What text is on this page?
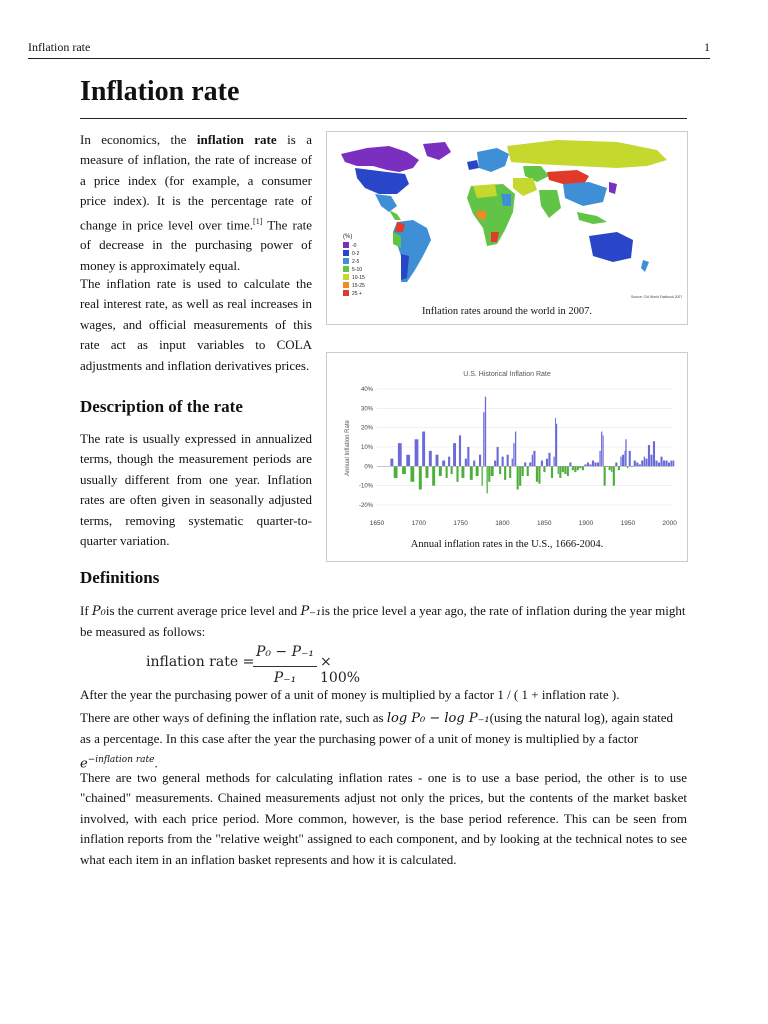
Inflation rate	1
Inflation rate

In economics, the inflation rate is a measure of inflation, the rate of increase of a price index (for example, a consumer price index). It is the percentage rate of change in price level over time.[1] The rate of decrease in the purchasing power of money is approximately equal.

The inflation rate is used to calculate the real interest rate, as well as real increases in wages, and official measurements of this rate act as input variables to COLA adjustments and inflation derivatives prices.

(%)
-0
0-2
2-5
5-10
10-15
15-25
25 +	Source: CIA World Factbook 2007
Inflation rates around the world in 2007.
U.S. Historical Inflation Rate
Annual Inflation Rate
40%
30%
20%
10%
0%
-10%
-20%
1650	1700	1750	1800	1850	1900	1950	2000
Annual inflation rates in the U.S., 1666-2004.
Description of the rate

The rate is usually expressed in annualized terms, though the measurement periods are usually different from one year. Inflation rates are often given in seasonally adjusted terms, removing systematic quarter-to-quarter variation.

Definitions

If P₀is the current average price level and P₋₁is the price level a year ago, the rate of inflation during the year might be measured as follows:

inflation rate =
P₀ − P₋₁
P₋₁
× 100%

After the year the purchasing power of a unit of money is multiplied by a factor 1 / ( 1 + inflation rate ).

There are other ways of defining the inflation rate, such as log P₀ − log P₋₁(using the natural log), again stated as a percentage. In this case after the year the purchasing power of a unit of money is multiplied by a factor $e^{-inflation rate}$.

There are two general methods for calculating inflation rates - one is to use a base period, the other is to use "chained" measurements. Chained measurements adjust not only the prices, but the contents of the market basket involved, with each price period. More common, however, is the base period reference. This can be seen from inflation reports from the "relative weight" assigned to each component, and by looking at the technical notes to see what each item in an inflation basket represents and how it is calculated.
